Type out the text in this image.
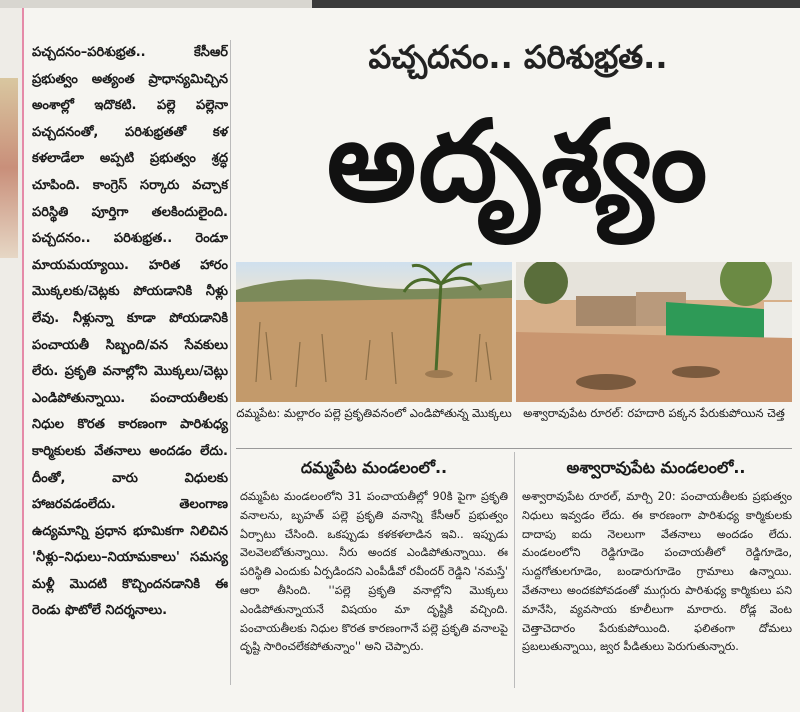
పచ్చదనం–పరిశుభ్రత.. కేసీఆర్ ప్రభుత్వం అత్యంత ప్రాధాన్యమిచ్చిన అంశాల్లో ఇదొకటి. పల్లె పల్లెనా పచ్చదనంతో, పరిశుభ్రతతో కళ కళలాడేలా అప్పటి ప్రభుత్వం శ్రద్ధ చూపింది. కాంగ్రెస్ సర్కారు వచ్చాక పరిస్థితి పూర్తిగా తలకిందులైంది. పచ్చదనం.. పరిశుభ్రత.. రెండూ మాయమయ్యాయి. హరిత హారం మొక్కలకు/చెట్లకు పోయడానికి నీళ్లు లేవు. నీళ్లున్నా కూడా పోయడానికి పంచాయతీ సిబ్బంది/వన సేవకులు లేరు. ప్రకృతి వనాల్లోని మొక్కలు/చెట్లు ఎండిపోతున్నాయి. పంచాయతీలకు నిధుల కొరత కారణంగా పారిశుధ్య కార్మికులకు వేతనాలు అందడం లేదు. దీంతో, వారు విధులకు హాజరవడంలేదు. తెలంగాణ ఉద్యమాన్ని ప్రధాన భూమికగా నిలిచిన 'నీళ్లు–నిధులు–నియామకాలు' సమస్య మళ్లీ మొదటి కొచ్చిందనడానికి ఈ రెండు ఫొటోలే నిదర్శనాలు.

పచ్చదనం.. పరిశుభ్రత..
అదృశ్యం
దమ్మపేట: మల్లారం పల్లె ప్రకృతివనంలో ఎండిపోతున్న మొక్కలు అశ్వారావుపేట రూరల్: రహదారి పక్కన పేరుకుపోయిన చెత్త
దమ్మపేట మండలంలో..	అశ్వారావుపేట మండలంలో..
దమ్మపేట మండలంలోని 31 పంచాయతీల్లో 90కి పైగా ప్రకృతి వనాలను, బృహత్ పల్లె ప్రకృతి వనాన్ని కేసీఆర్ ప్రభుత్వం ఏర్పాటు చేసింది. ఒకప్పుడు కళకళలాడిన ఇవి.. ఇప్పుడు వెలవెలబోతున్నాయి. నీరు అందక ఎండిపోతున్నాయి. ఈ పరిస్థితి ఎందుకు ఏర్పడిందని ఎంపీడీవో రవీందర్ రెడ్డిని 'నమస్తే' ఆరా తీసింది. ''పల్లె ప్రకృతి వనాల్లోని మొక్కలు ఎండిపోతున్నాయనే విషయం మా దృష్టికి వచ్చింది. పంచాయతీలకు నిధుల కొరత కారణంగానే పల్లె ప్రకృతి వనాలపై దృష్టి సారించలేకపోతున్నాం'' అని చెప్పారు.
అశ్వారావుపేట రూరల్, మార్చి 20: పంచాయతీలకు ప్రభుత్వం నిధులు ఇవ్వడం లేదు. ఈ కారణంగా పారిశుధ్య కార్మికులకు దాదాపు ఐదు నెలలుగా వేతనాలు అందడం లేదు. మండలంలోని రెడ్డిగూడెం పంచాయతీలో రెడ్డిగూడెం, సుద్దగోతులగూడెం, బండారుగూడెం గ్రామాలు ఉన్నాయి. వేతనాలు అందకపోవడంతో ముగ్గురు పారిశుధ్య కార్మికులు పని మానేసి, వ్యవసాయ కూలీలుగా మారారు. రోడ్ల వెంట చెత్తాచెదారం పేరుకుపోయింది. ఫలితంగా దోమలు ప్రబలుతున్నాయి, జ్వర పీడితులు పెరుగుతున్నారు.
